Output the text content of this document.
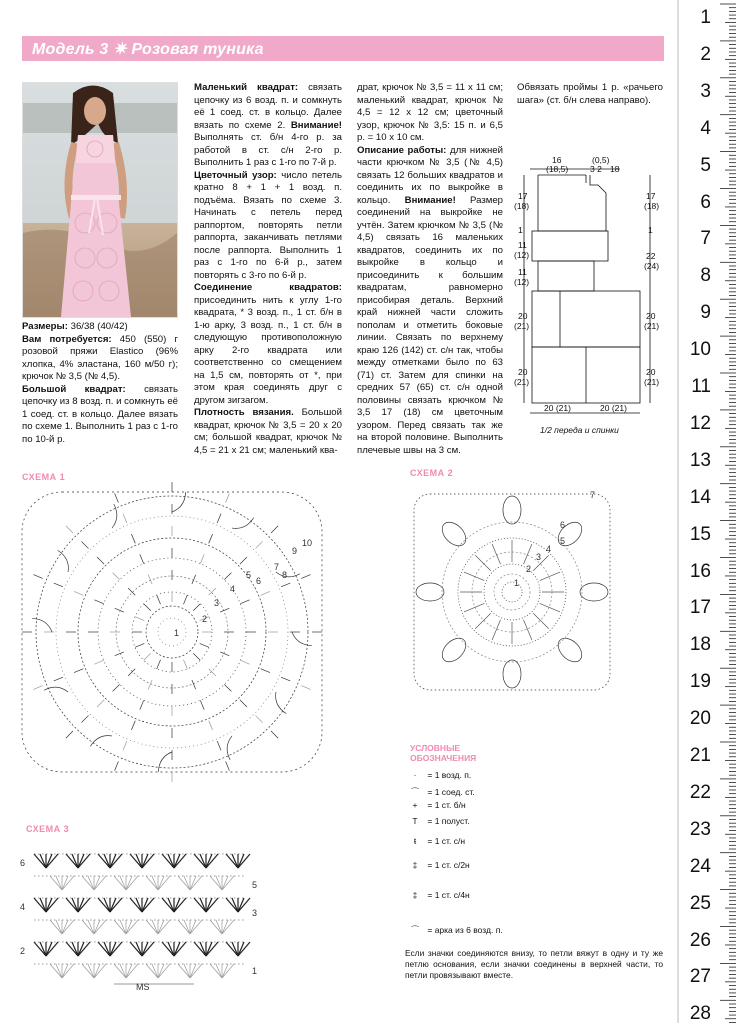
Модель 3 ✷ Розовая туника

Размеры: 36/38 (40/42)

Вам потребуется: 450 (550) г розовой пряжи Elastico (96% хлопка, 4% эластана, 160 м/50 г); крючок № 3,5 (№ 4,5).

Большой квадрат: связать цепочку из 8 возд. п. и сомкнуть её 1 соед. ст. в кольцо. Далее вязать по схеме 1. Выполнить 1 раз с 1-го по 10-й р.

Маленький квадрат: связать цепочку из 6 возд. п. и сомкнуть её 1 соед. ст. в кольцо. Далее вязать по схеме 2. Внимание! Выполнять ст. б/н 4-го р. за работой в ст. с/н 2-го р. Выполнить 1 раз с 1-го по 7-й р.

Цветочный узор: число петель кратно 8 + 1 + 1 возд. п. подъёма. Вязать по схеме 3. Начинать с петель перед раппортом, повторять петли раппорта, заканчивать петлями после раппорта. Выполнить 1 раз с 1-го по 6-й р., затем повторять с 3-го по 6-й р.

Соединение квадратов: присоединить нить к углу 1-го квадрата, * 3 возд. п., 1 ст. б/н в 1-ю арку, 3 возд. п., 1 ст. б/н в следующую противоположную арку 2-го квадрата или соответственно со смещением на 1,5 см, повторять от *, при этом края соединять друг с другом зигзагом.

Плотность вязания. Большой квадрат, крючок № 3,5 = 20 x 20 см; большой квадрат, крючок № 4,5 = 21 x 21 см; маленький ква-

драт, крючок № 3,5 = 11 x 11 см; маленький квадрат, крючок № 4,5 = 12 x 12 см; цветочный узор, крючок № 3,5: 15 п. и 6,5 р. = 10 x 10 см.

Описание работы: для нижней части крючком № 3,5 (№ 4,5) связать 12 больших квадратов и соединить их по выкройке в кольцо. Внимание! Размер соединений на выкройке не учтён. Затем крючком № 3,5 (№ 4,5) связать 16 маленьких квадратов, соединить их по выкройке в кольцо и присоединить к большим квадратам, равномерно присобирая деталь. Верхний край нижней части сложить пополам и отметить боковые линии. Связать по верхнему краю 126 (142) ст. с/н так, чтобы между отметками было по 63 (71) ст. Затем для спинки на средних 57 (65) ст. с/н одной половины связать крючком № 3,5 17 (18) см цветочным узором. Перед связать так же на второй половине. Выполнить плечевые швы на 3 см.

Обвязать проймы 1 р. «рачьего шага» (ст. б/н слева направо).

16
(18,5)
(0,5)
3 2 18
17
(18)
1
11
(12)
11
(12)
20
(21)
20
(21)
17
(18)
1
22
(24)
20
(21)
20
(21)
20 (21)	20 (21)
1/2 переда и спинки
СХЕМА 1	СХЕМА 2
СХЕМА 3
10
9
8
7
6
5
4
3
2
1
6
7
5
4
3
2
1
6
4
2
5
3
1
MS
УСЛОВНЫЕ
ОБОЗНАЧЕНИЯ
· = 1 возд. п.
⌒ = 1 соед. ст.
+ = 1 ст. б/н
T = 1 полуст.
ŧ = 1 ст. с/н
‡ = 1 ст. с/2н
‡ = 1 ст. с/4н
⌒ = арка из 6 возд. п.
Если значки соединяются внизу, то петли вяжут в одну и ту же петлю основания, если значки соединены в верхней части, то петли провязывают вместе.
1
2
3
4
5
6
7
8
9
10
11
12
13
14
15
16
17
18
19
20
21
22
23
24
25
26
27
28
